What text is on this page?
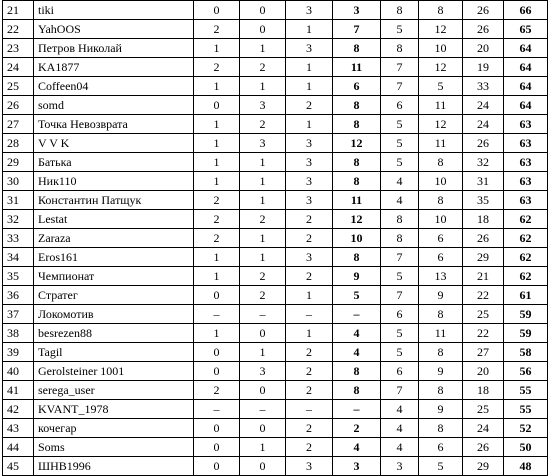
21	tiki	0	0	3	3	8	8	26	66
22	YahOOS	2	0	1	7	5	12	26	65
23	Петров Николай	1	1	3	8	8	10	20	64
24	KA1877	2	2	1	11	7	12	19	64
25	Coffeen04	1	1	1	6	7	5	33	64
26	somd	0	3	2	8	6	11	24	64
27	Точка Невозврата	1	2	1	8	5	12	24	63
28	V V K	1	3	3	12	5	11	26	63
29	Батька	1	1	3	8	5	8	32	63
30	Ник110	1	1	3	8	4	10	31	63
31	Константин Патщук	2	1	3	11	4	8	35	63
32	Lestat	2	2	2	12	8	10	18	62
33	Zaraza	2	1	2	10	8	6	26	62
34	Eros161	1	1	3	8	7	6	29	62
35	Чемпионат	1	2	2	9	5	13	21	62
36	Стратег	0	2	1	5	7	9	22	61
37	Локомотив	–	–	–	–	6	8	25	59
38	besrezen88	1	0	1	4	5	11	22	59
39	Tagil	0	1	2	4	5	8	27	58
40	Gerolsteiner 1001	0	3	2	8	6	9	20	56
41	serega_user	2	0	2	8	7	8	18	55
42	KVANT_1978	–	–	–	–	4	9	25	55
43	кочегар	0	0	2	2	4	8	24	52
44	Soms	0	1	2	4	4	6	26	50
45	ШНВ1996	0	0	3	3	3	5	29	48
